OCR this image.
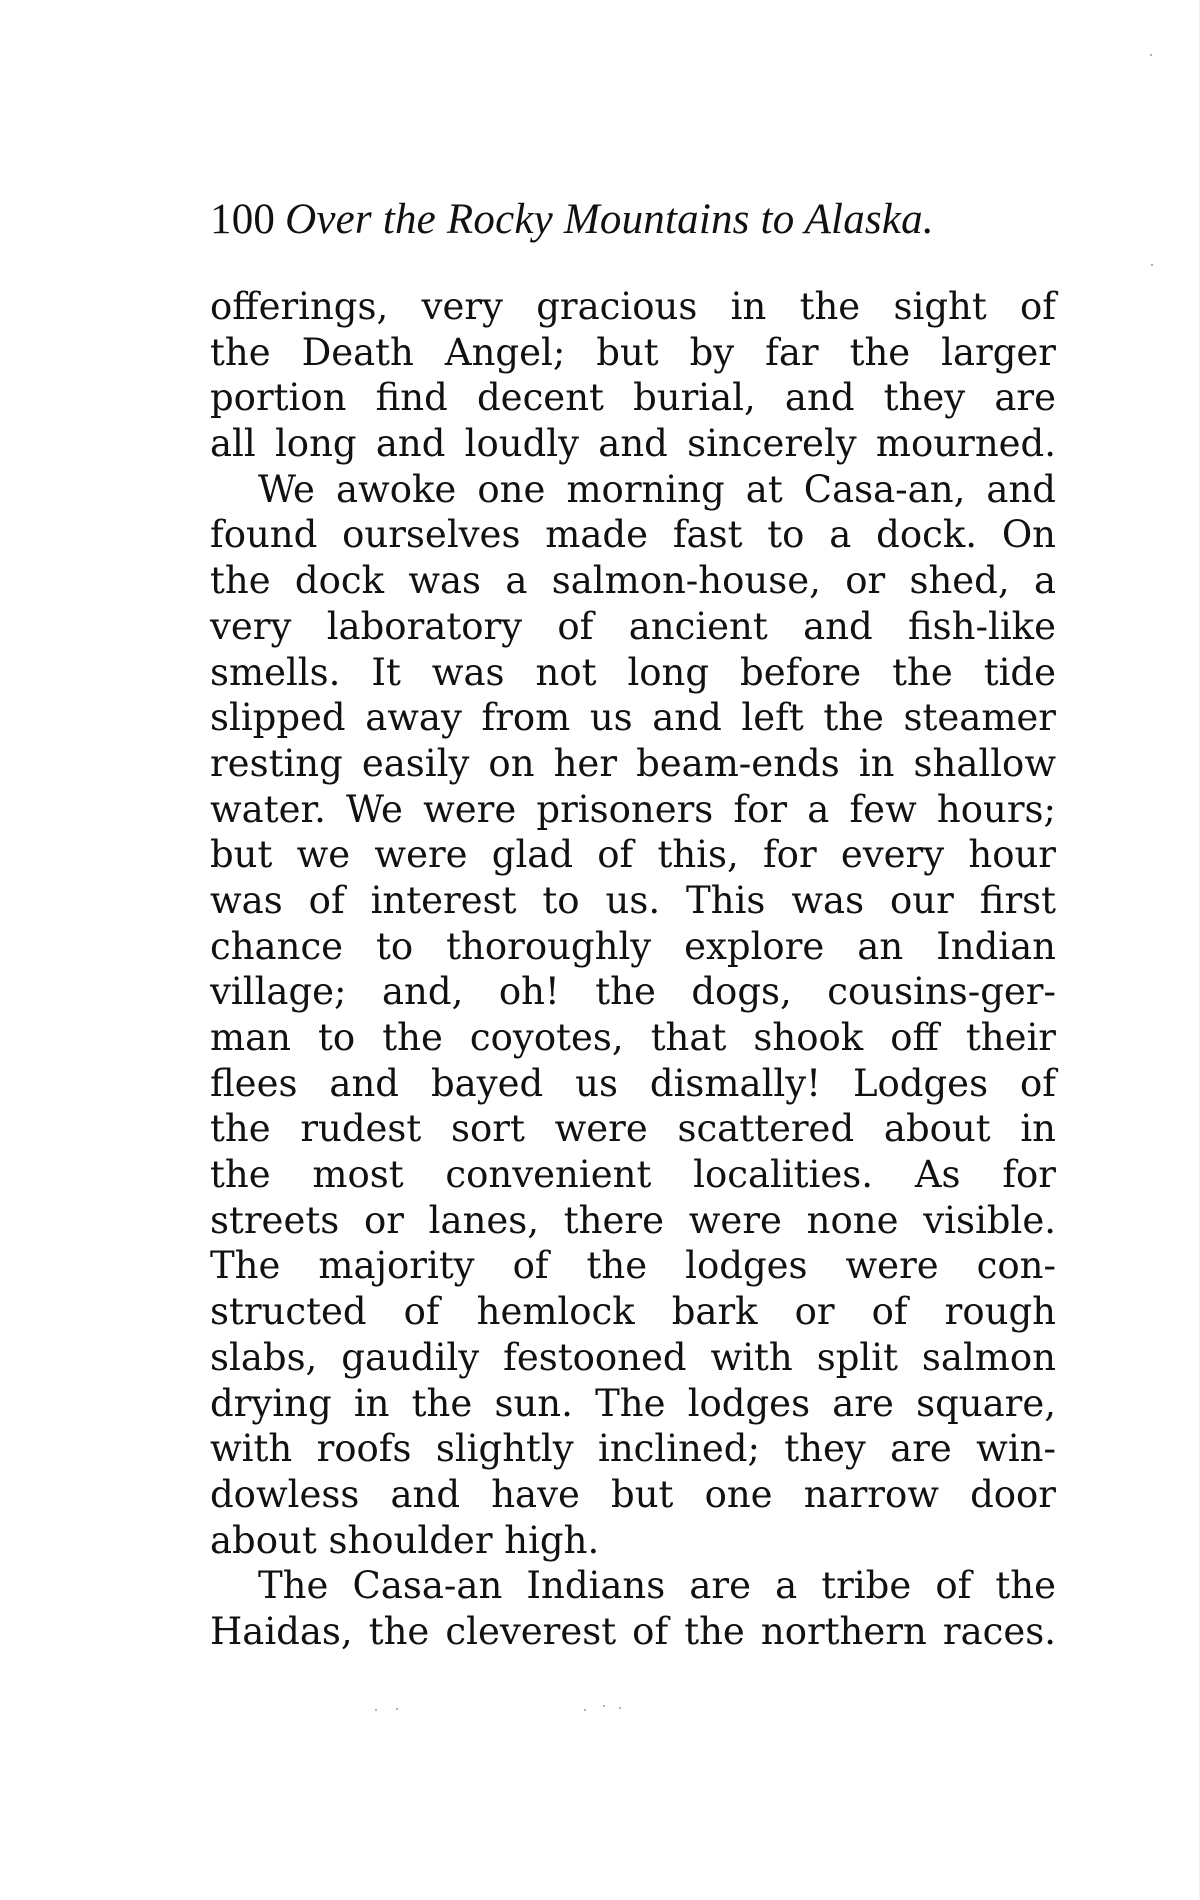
100 Over the Rocky Mountains to Alaska.
offerings, very gracious in the sight of
the Death Angel; but by far the larger
portion find decent burial, and they are
all long and loudly and sincerely mourned.
We awoke one morning at Casa-an, and
found ourselves made fast to a dock. On
the dock was a salmon-house, or shed, a
very laboratory of ancient and fish-like
smells. It was not long before the tide
slipped away from us and left the steamer
resting easily on her beam-ends in shallow
water. We were prisoners for a few hours;
but we were glad of this, for every hour
was of interest to us. This was our first
chance to thoroughly explore an Indian
village; and, oh! the dogs, cousins-ger-
man to the coyotes, that shook off their
flees and bayed us dismally! Lodges of
the rudest sort were scattered about in
the most convenient localities. As for
streets or lanes, there were none visible.
The majority of the lodges were con-
structed of hemlock bark or of rough
slabs, gaudily festooned with split salmon
drying in the sun. The lodges are square,
with roofs slightly inclined; they are win-
dowless and have but one narrow door
about shoulder high.
The Casa-an Indians are a tribe of the
Haidas, the cleverest of the northern races.
